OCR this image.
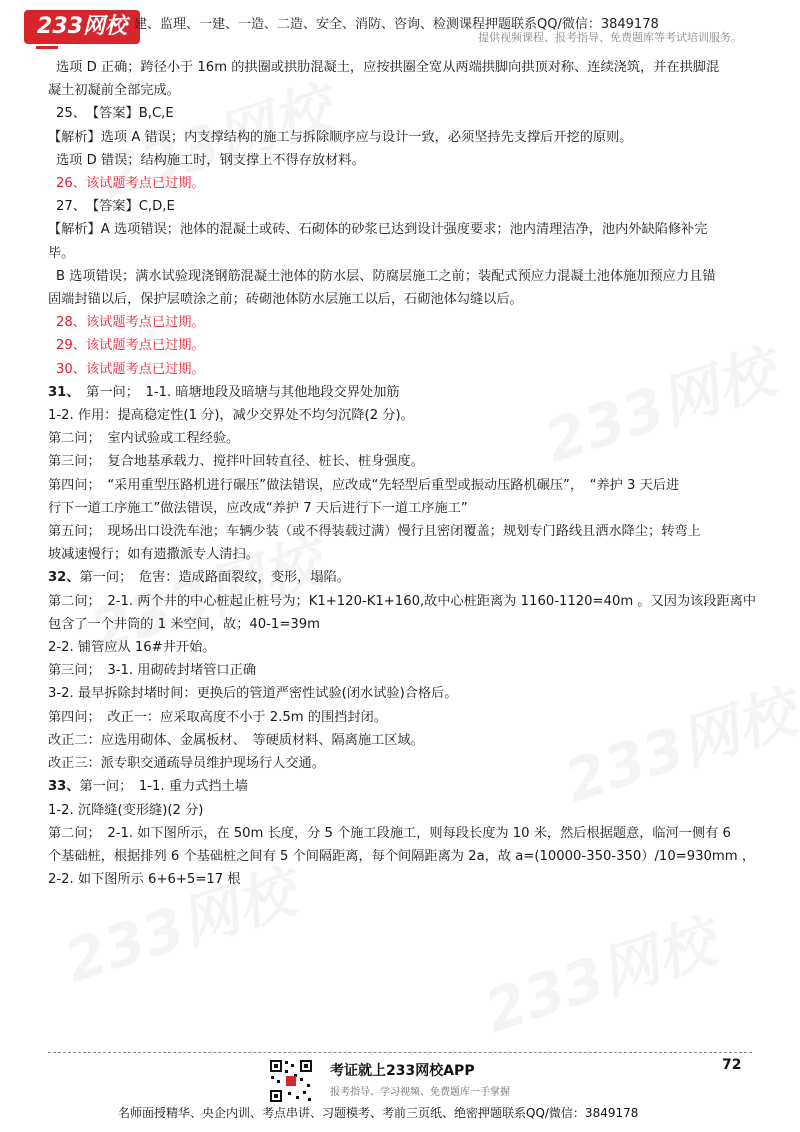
233网校 建、监理、一建、一造、二造、安全、消防、咨询、检测课程押题联系QQ/微信：3849178
提供视频课程、报考指导、免费题库等考试培训服务。

选项 D 正确；跨径小于 16m 的拱圈或拱肋混凝土，应按拱圈全宽从两端拱脚向拱顶对称、连续浇筑，并在拱脚混

凝土初凝前全部完成。

25、　【答案】B,C,E

【解析】选项 A 错误；内支撑结构的施工与拆除顺序应与设计一致，必须坚持先支撑后开挖的原则。

选项 D 错误；结构施工时，钢支撑上不得存放材料。

26、该试题考点已过期。

27、　【答案】C,D,E

【解析】A 选项错误；池体的混凝土或砖、石砌体的砂浆已达到设计强度要求；池内清理洁净，池内外缺陷修补完

毕。

B 选项错误；满水试验现浇钢筋混凝土池体的防水层、防腐层施工之前；装配式预应力混凝土池体施加预应力且锚

固端封锚以后，保护层喷涂之前；砖砌池体防水层施工以后，石砌池体勾缝以后。

28、该试题考点已过期。

29、该试题考点已过期。

30、该试题考点已过期。

31、　第一问；　1-1. 暗塘地段及暗塘与其他地段交界处加筋

1-2. 作用：提高稳定性(1 分)，减少交界处不均匀沉降(2 分)。

第二问；　室内试验或工程经验。

第三问；　复合地基承载力、搅拌叶回转直径、桩长、桩身强度。

第四问；　“采用重型压路机进行碾压”做法错误，应改成“先轻型后重型或振动压路机碾压”，　“养护 3 天后进

行下一道工序施工”做法错误，应改成“养护 7 天后进行下一道工序施工”

第五问；　现场出口设洗车池；车辆少装（或不得装载过满）慢行且密闭覆盖；规划专门路线且洒水降尘；转弯上

坡减速慢行；如有遗撒派专人清扫。

32、第一问；　危害：造成路面裂纹，变形，塌陷。

第二问；　2-1. 两个井的中心桩起止桩号为；K1+120-K1+160,故中心桩距离为 1160-1120=40m 。又因为该段距离中

包含了一个井筒的 1 米空间，故；40-1=39m

2-2. 铺管应从 16#井开始。

第三问；　3-1. 用砌砖封堵管口正确

3-2. 最早拆除封堵时间：更换后的管道严密性试验(闭水试验)合格后。

第四问；　改正一：应采取高度不小于 2.5m 的围挡封闭。

改正二：应选用砌体、金属板材、　等硬质材料、隔离施工区域。

改正三：派专职交通疏导员维护现场行人交通。

33、第一问；　1-1. 重力式挡土墙

1-2. 沉降缝(变形缝)(2 分)

第二问；　2-1. 如下图所示，在 50m 长度，分 5 个施工段施工，则每段长度为 10 米，然后根据题意，临河一侧有 6

个基础桩，根据排列 6 个基础桩之间有 5 个间隔距离，每个间隔距离为 2a，故 a=(10000-350-350）/10=930mm ，

2-2. 如下图所示 6+6+5=17 根

考证就上233网校APP
报考指导、学习视频、免费题库一手掌握
72
名师面授精华、央企内训、考点串讲、习题模考、考前三页纸、绝密押题联系QQ/微信：3849178
